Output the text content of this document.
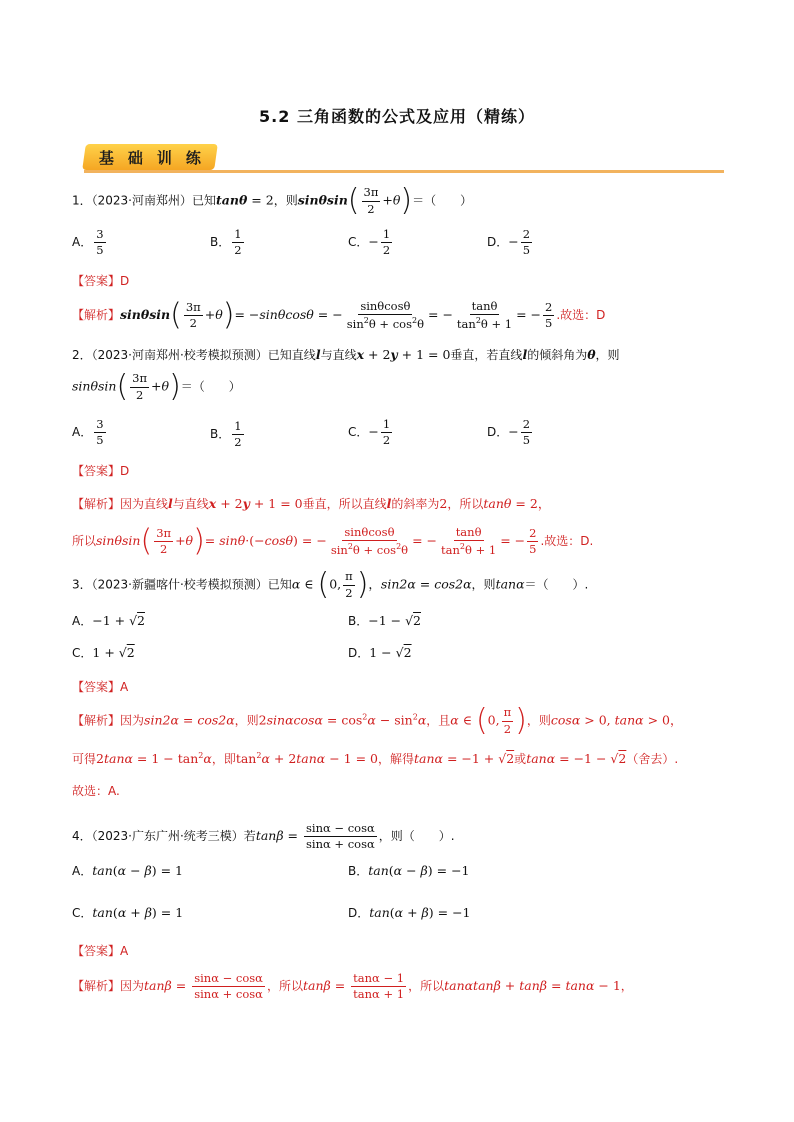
5.2 三角函数的公式及应用（精练）
基 础 训 练
1．（2023·河南郑州）已知tanθ = 2，则$\sin\theta\sin( \frac{3\pi}{2} +\theta)=$（　　）
A． $\frac{3}{5}$	B． $\frac{1}{2}$	C．− $\frac{1}{2}$	D．− $\frac{2}{5}$
【答案】D
【解析】$\sin\theta\sin( \frac{3\pi}{2} +\theta)= -\sin\theta\cos\theta$ = − $\frac{\sin\theta\cos\theta}{\sin^2\theta + \cos^2\theta}$ = − $\frac{\tan\theta}{\tan^2\theta + 1}$ = − $\frac{2}{5}$ .故选：D
2．（2023·河南郑州·校考模拟预测）已知直线l与直线x + 2y + 1 = 0垂直，若直线l的倾斜角为θ，则
$\sin\theta\sin( \frac{3\pi}{2} +\theta)=$（　　）
A． $\frac{3}{5}$	B． $\frac{1}{2}$	C．− $\frac{1}{2}$	D．− $\frac{2}{5}$
【答案】D
【解析】因为直线l与直线x + 2y + 1 = 0垂直，所以直线l的斜率为2，所以tanθ = 2，
所以$\sin\theta\sin( \frac{3\pi}{2} +\theta)= \sin\theta\cdot(-\cos\theta)$ = − $\frac{\sin\theta\cos\theta}{\sin^2\theta + \cos^2\theta}$ = − $\frac{\tan\theta}{\tan^2\theta + 1}$ = − $\frac{2}{5}$ .故选：D.
3．（2023·新疆喀什·校考模拟预测）已知α ∈ (0, $\frac{\pi}{2}$ )，sin2α = cos2α，则tanα＝（　　）.
A．−1 + √2	B．−1 − √2
C．1 + √2	D．1 − √2
【答案】A
【解析】因为sin2α = cos2α，则$2\sin\alpha\cos\alpha = \cos^2\alpha - \sin^2\alpha$，且α ∈ (0, $\frac{\pi}{2}$ )，则cosα > 0, tanα > 0，
可得$2\tan\alpha = 1 - \tan^2\alpha$，即$\tan^2\alpha + 2\tan\alpha - 1 = 0$，解得tanα = −1 + √2或tanα = −1 − √2（舍去）.
故选：A.
4．（2023·广东广州·统考三模）若$\tan\beta = \frac{\sin\alpha - \cos\alpha}{\sin\alpha + \cos\alpha}$ ，则（　　）.
A．tan(α − β) = 1	B．tan(α − β) = −1
C．tan(α + β) = 1	D．tan(α + β) = −1
【答案】A
【解析】因为$\tan\beta = \frac{\sin\alpha - \cos\alpha}{\sin\alpha + \cos\alpha}$ ，所以$\tan\beta = \frac{\tan\alpha - 1}{\tan\alpha + 1}$ ，所以tanαtanβ + tanβ = tanα − 1，
